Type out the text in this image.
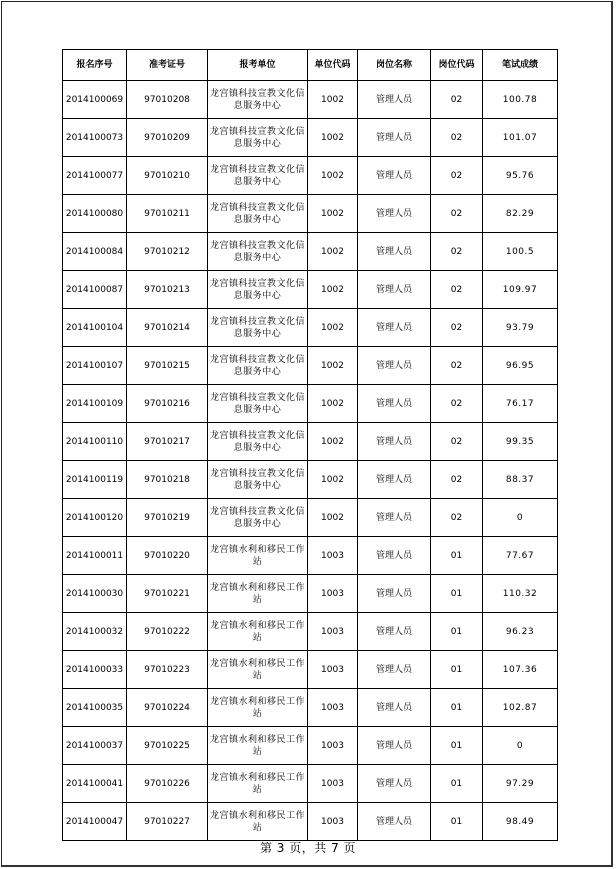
报名序号	准考证号	报考单位	单位代码	岗位名称	岗位代码	笔试成绩
2014100069	97010208	龙宫镇科技宣教文化信息服务中心	1002	管理人员	02	100.78
2014100073	97010209	龙宫镇科技宣教文化信息服务中心	1002	管理人员	02	101.07
2014100077	97010210	龙宫镇科技宣教文化信息服务中心	1002	管理人员	02	95.76
2014100080	97010211	龙宫镇科技宣教文化信息服务中心	1002	管理人员	02	82.29
2014100084	97010212	龙宫镇科技宣教文化信息服务中心	1002	管理人员	02	100.5
2014100087	97010213	龙宫镇科技宣教文化信息服务中心	1002	管理人员	02	109.97
2014100104	97010214	龙宫镇科技宣教文化信息服务中心	1002	管理人员	02	93.79
2014100107	97010215	龙宫镇科技宣教文化信息服务中心	1002	管理人员	02	96.95
2014100109	97010216	龙宫镇科技宣教文化信息服务中心	1002	管理人员	02	76.17
2014100110	97010217	龙宫镇科技宣教文化信息服务中心	1002	管理人员	02	99.35
2014100119	97010218	龙宫镇科技宣教文化信息服务中心	1002	管理人员	02	88.37
2014100120	97010219	龙宫镇科技宣教文化信息服务中心	1002	管理人员	02	0
2014100011	97010220	龙宫镇水利和移民工作站	1003	管理人员	01	77.67
2014100030	97010221	龙宫镇水利和移民工作站	1003	管理人员	01	110.32
2014100032	97010222	龙宫镇水利和移民工作站	1003	管理人员	01	96.23
2014100033	97010223	龙宫镇水利和移民工作站	1003	管理人员	01	107.36
2014100035	97010224	龙宫镇水利和移民工作站	1003	管理人员	01	102.87
2014100037	97010225	龙宫镇水利和移民工作站	1003	管理人员	01	0
2014100041	97010226	龙宫镇水利和移民工作站	1003	管理人员	01	97.29
2014100047	97010227	龙宫镇水利和移民工作站	1003	管理人员	01	98.49
第 3 页，共 7 页
